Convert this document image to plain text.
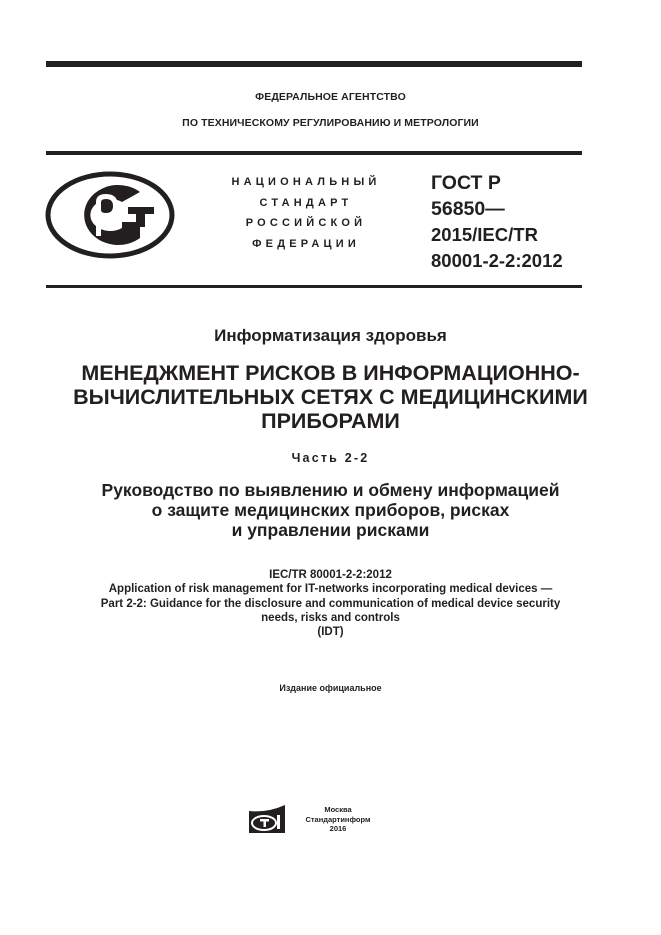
ФЕДЕРАЛЬНОЕ АГЕНТСТВО
ПО ТЕХНИЧЕСКОМУ РЕГУЛИРОВАНИЮ И МЕТРОЛОГИИ
НАЦИОНАЛЬНЫЙ
СТАНДАРТ
РОССИЙСКОЙ
ФЕДЕРАЦИИ
ГОСТ Р
56850—
2015/IEC/TR
80001-2-2:2012
Информатизация здоровья
МЕНЕДЖМЕНТ РИСКОВ В ИНФОРМАЦИОННО-
ВЫЧИСЛИТЕЛЬНЫХ СЕТЯХ С МЕДИЦИНСКИМИ
ПРИБОРАМИ
Часть 2-2
Руководство по выявлению и обмену информацией
о защите медицинских приборов, рисках
и управлении рисками
IEC/TR 80001-2-2:2012
Application of risk management for IT-networks incorporating medical devices —
Part 2-2: Guidance for the disclosure and communication of medical device security
needs, risks and controls
(IDT)
Издание официальное
Москва
Стандартинформ
2016
